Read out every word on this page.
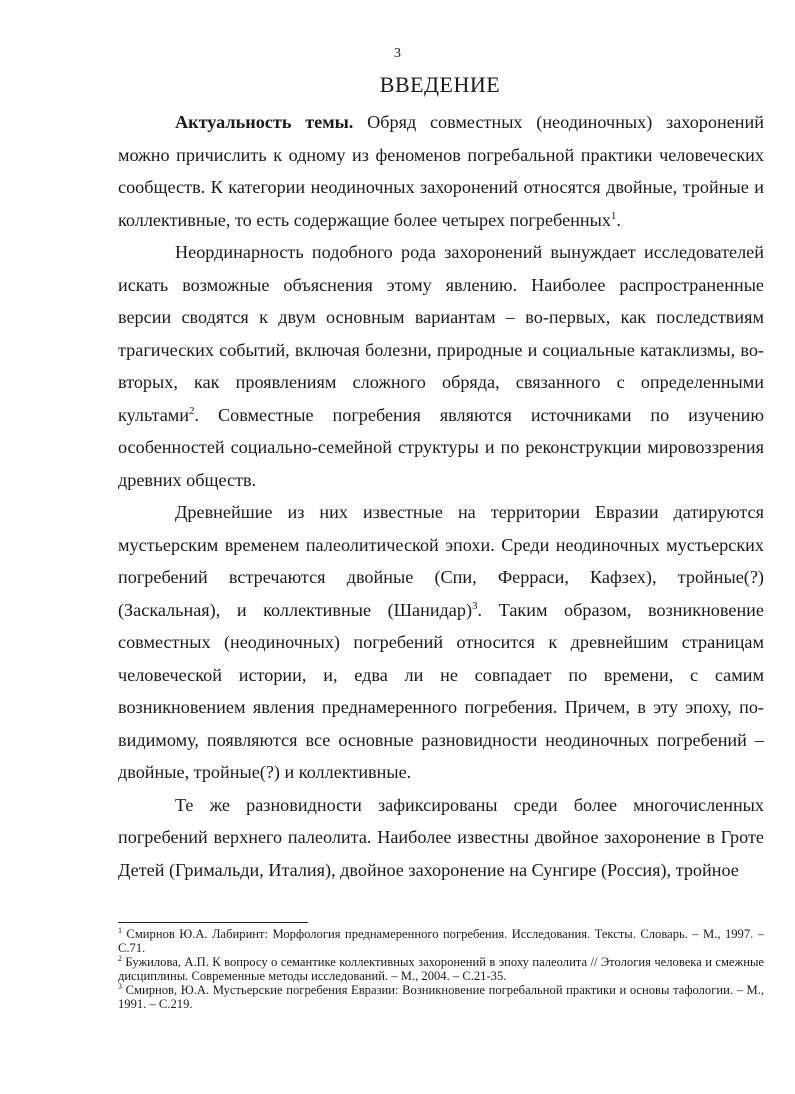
3
ВВЕДЕНИЕ

Актуальность темы. Обряд совместных (неодиночных) захоронений можно причислить к одному из феноменов погребальной практики человеческих сообществ. К категории неодиночных захоронений относятся двойные, тройные и коллективные, то есть содержащие более четырех погребенных$^1$.

Неординарность подобного рода захоронений вынуждает исследователей искать возможные объяснения этому явлению. Наиболее распространенные версии сводятся к двум основным вариантам – во-первых, как последствиям трагических событий, включая болезни, природные и социальные катаклизмы, во-вторых, как проявлениям сложного обряда, связанного с определенными культами$^2$. Совместные погребения являются источниками по изучению особенностей социально-семейной структуры и по реконструкции мировоззрения древних обществ.

Древнейшие из них известные на территории Евразии датируются мустьерским временем палеолитической эпохи. Среди неодиночных мустьерских погребений встречаются двойные (Спи, Ферраси, Кафзех), тройные(?) (Заскальная), и коллективные (Шанидар)$^3$. Таким образом, возникновение совместных (неодиночных) погребений относится к древнейшим страницам человеческой истории, и, едва ли не совпадает по времени, с самим возникновением явления преднамеренного погребения. Причем, в эту эпоху, по-видимому, появляются все основные разновидности неодиночных погребений – двойные, тройные(?) и коллективные.

Те же разновидности зафиксированы среди более многочисленных погребений верхнего палеолита. Наиболее известны двойное захоронение в Гроте Детей (Гримальди, Италия), двойное захоронение на Сунгире (Россия), тройное

$^1$ Смирнов Ю.А. Лабиринт: Морфология преднамеренного погребения. Исследования. Тексты. Словарь. – М., 1997. – С.71.

$^2$ Бужилова, А.П. К вопросу о семантике коллективных захоронений в эпоху палеолита // Этология человека и смежные дисциплины. Современные методы исследований. – М., 2004. – С.21-35.

$^3$ Смирнов, Ю.А. Мустьерские погребения Евразии: Возникновение погребальной практики и основы тафологии. – М., 1991. – С.219.
